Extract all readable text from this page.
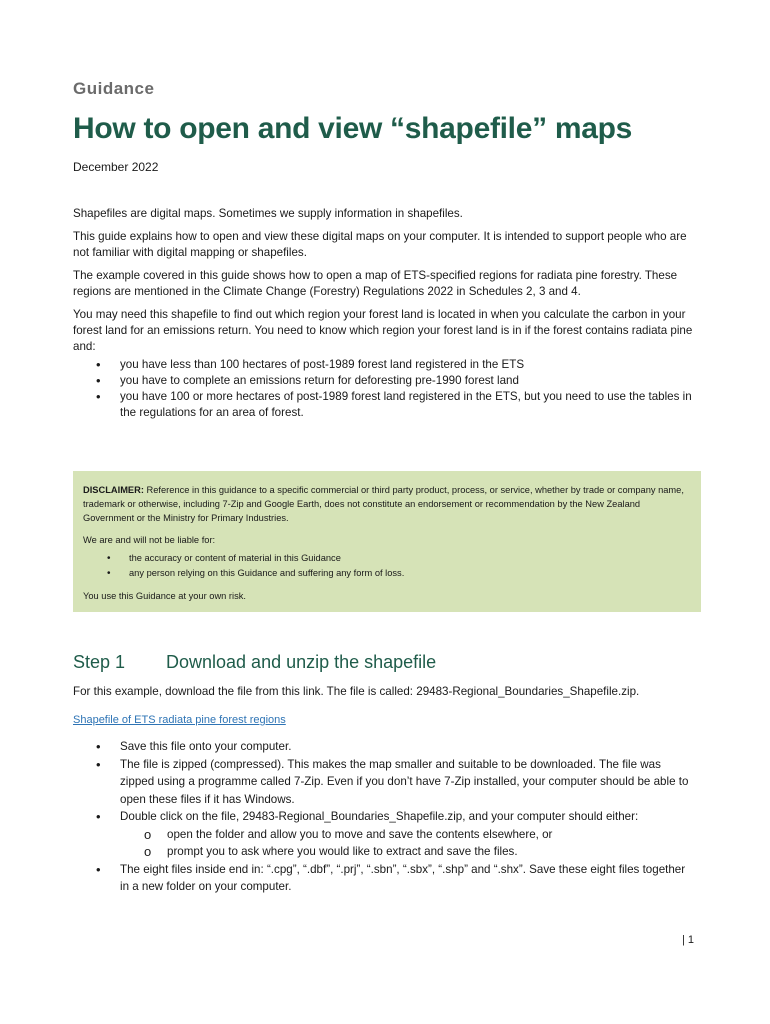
Guidance
How to open and view “shapefile” maps
December 2022

Shapefiles are digital maps. Sometimes we supply information in shapefiles.

This guide explains how to open and view these digital maps on your computer. It is intended to support people who are not familiar with digital mapping or shapefiles.

The example covered in this guide shows how to open a map of ETS-specified regions for radiata pine forestry. These regions are mentioned in the Climate Change (Forestry) Regulations 2022 in Schedules 2, 3 and 4.

You may need this shapefile to find out which region your forest land is located in when you calculate the carbon in your forest land for an emissions return. You need to know which region your forest land is in if the forest contains radiata pine and:

• you have less than 100 hectares of post-1989 forest land registered in the ETS
• you have to complete an emissions return for deforesting pre-1990 forest land
• you have 100 or more hectares of post-1989 forest land registered in the ETS, but you need to use the tables in the regulations for an area of forest.

DISCLAIMER: Reference in this guidance to a specific commercial or third party product, process, or service, whether by trade or company name, trademark or otherwise, including 7-Zip and Google Earth, does not constitute an endorsement or recommendation by the New Zealand Government or the Ministry for Primary Industries.

We are and will not be liable for:

• the accuracy or content of material in this Guidance
• any person relying on this Guidance and suffering any form of loss.

You use this Guidance at your own risk.

Step 1 Download and unzip the shapefile

For this example, download the file from this link. The file is called: 29483-Regional_Boundaries_Shapefile.zip.

Shapefile of ETS radiata pine forest regions
• Save this file onto your computer.
• The file is zipped (compressed). This makes the map smaller and suitable to be downloaded. The file was zipped using a programme called 7-Zip. Even if you don’t have 7-Zip installed, your computer should be able to open these files if it has Windows.
• Double click on the file, 29483-Regional_Boundaries_Shapefile.zip, and your computer should either:
o open the folder and allow you to move and save the contents elsewhere, or
o prompt you to ask where you would like to extract and save the files.
• The eight files inside end in: “.cpg”, “.dbf”, “.prj”, “.sbn”, “.sbx”, “.shp” and “.shx”. Save these eight files together in a new folder on your computer.
| 1
